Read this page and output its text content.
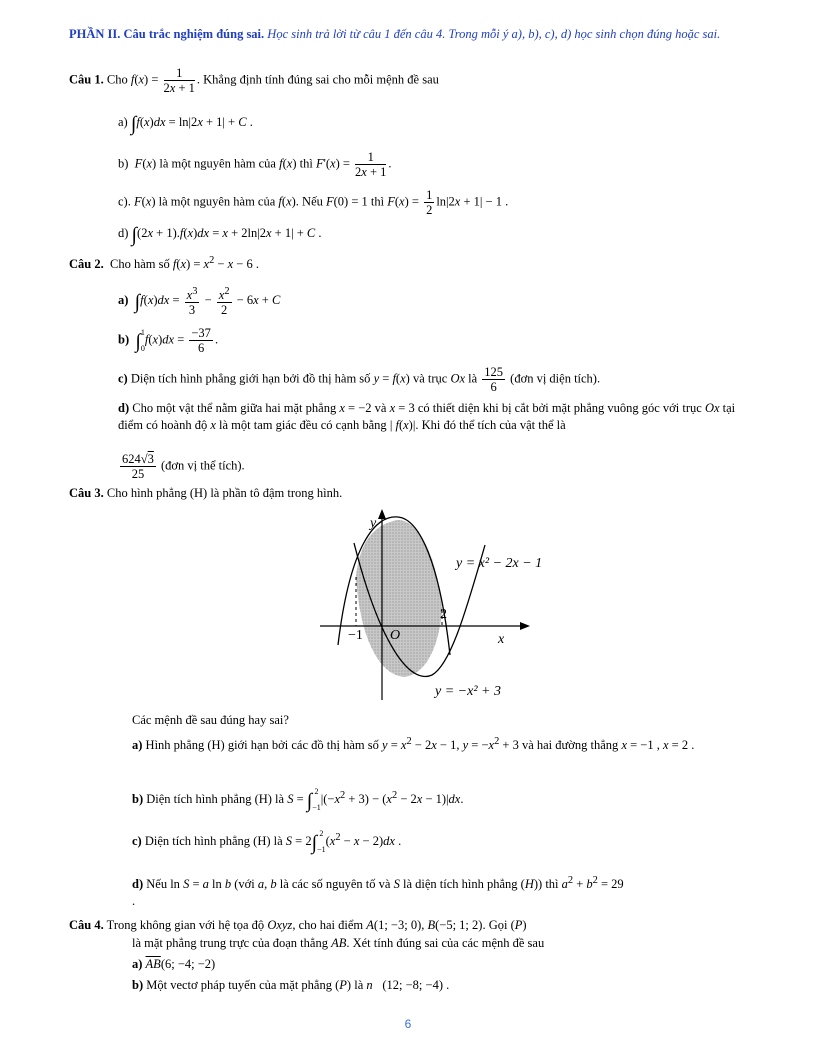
PHẦN II. Câu trắc nghiệm đúng sai. Học sinh trả lời từ câu 1 đến câu 4. Trong mỗi ý a), b), c), d) học sinh chọn đúng hoặc sai.
Câu 1. Cho $f(x) = \frac{1}{2x + 1}$ . Khẳng định tính đúng sai cho mỗi mệnh đề sau
a) ∫f(x)dx = ln|2x + 1| + C .
b) F(x) là một nguyên hàm của f(x) thì $F'(x) = \frac{1}{2x + 1}$ .
c). F(x) là một nguyên hàm của f(x). Nếu F(0) = 1 thì $F(x) = \frac{1}{2} \ln|2x + 1| - 1$ .
d) ∫(2x + 1).f(x)dx = x + 2ln|2x + 1| + C .
Câu 2. Cho hàm số $f(x) = x^2 - x - 6$ .
a) $\int f(x)dx = \frac{x^3}{3} - \frac{x^2}{2} - 6x + C$
b) ∫1

$0f(x)dx = \frac{-37}{6}$ .
c) Diện tích hình phẳng giới hạn bởi đồ thị hàm số y = f(x) và trục Ox là $\frac{125}{6}$ (đơn vị diện tích).
d) Cho một vật thể nằm giữa hai mặt phẳng x = −2 và x = 3 có thiết diện khi bị cắt bởi mặt phẳng vuông góc với trục Ox tại điểm có hoành độ x là một tam giác đều có cạnh bằng | f(x)|. Khi đó thể tích của vật thể là
$\frac{624√3}{25}$ (đơn vị thể tích).
Câu 3. Cho hình phẳng (H) là phần tô đậm trong hình.
y
x
O
−1
2
y = x² − 2x − 1
y = −x² + 3
Các mệnh đề sau đúng hay sai?
a) Hình phẳng (H) giới hạn bởi các đồ thị hàm số $y = x^2 - 2x - 1$, $y = -x^2 + 3$ và hai đường thẳng x = −1 , x = 2 .
b) Diện tích hình phẳng (H) là S = ∫ 2

$-1|(-x^2 + 3) - (x^2 - 2x - 1)|dx$.
c) Diện tích hình phẳng (H) là S = 2∫ 2

$-1(x^2 - x - 2)dx$ .
d) Nếu ln S = a ln b (với a, b là các số nguyên tố và S là diện tích hình phẳng (H)) thì $a^2 + b^2 = 29$
.
Câu 4. Trong không gian với hệ tọa độ Oxyz, cho hai điểm A(1; −3; 0), B(−5; 1; 2). Gọi (P)
là mặt phẳng trung trực của đoạn thẳng AB. Xét tính đúng sai của các mệnh đề sau
a) $\overline{AB}(6$; −4; −2)
b) Một vectơ pháp tuyến của mặt phẳng (P) là n⃗(12; −8; −4) .
6
